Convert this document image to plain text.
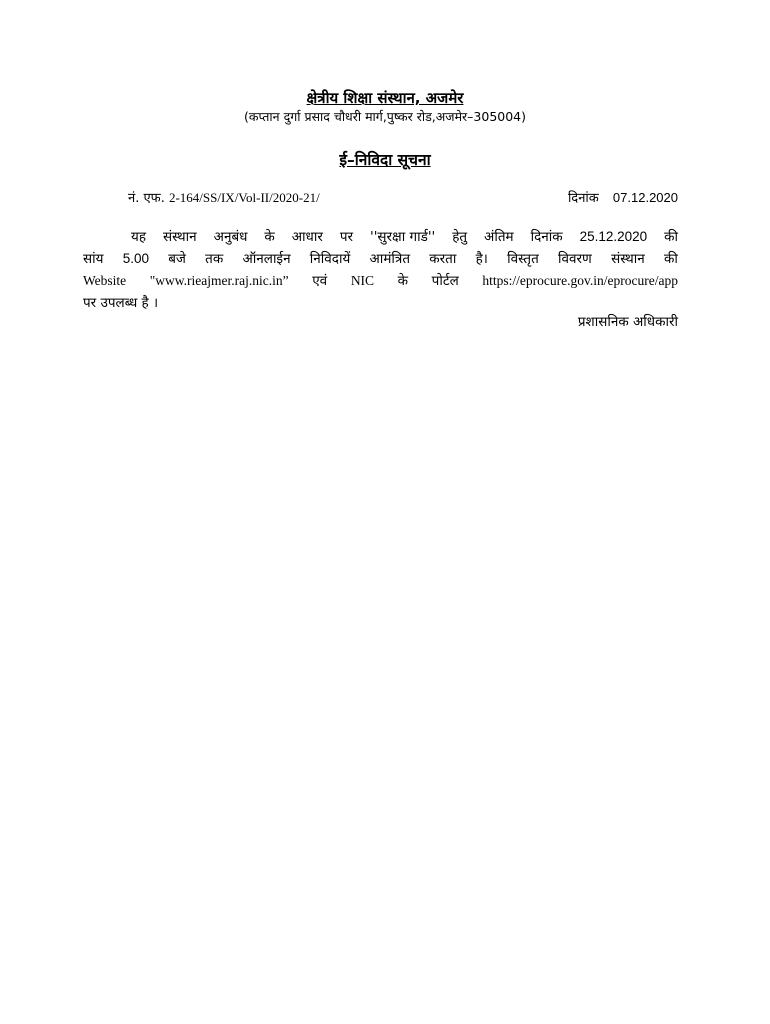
क्षेत्रीय शिक्षा संस्थान, अजमेर
(कप्तान दुर्गा प्रसाद चौधरी मार्ग,पुष्कर रोड,अजमेर–305004)
ई–निविदा सूचना
नं. एफ. 2-164/SS/IX/Vol-II/2020-21/	दिनांक 07.12.2020
यह संस्थान अनुबंध के आधार पर ''सुरक्षा गार्ड'' हेतु अंतिम दिनांक 25.12.2020 की
सांय 5.00 बजे तक ऑनलाईन निविदायें आमंत्रित करता है। विस्तृत विवरण संस्थान की
Website "www.rieajmer.raj.nic.in” एवं NIC के पोर्टल https://eprocure.gov.in/eprocure/app
पर उपलब्ध है ।
प्रशासनिक अधिकारी
